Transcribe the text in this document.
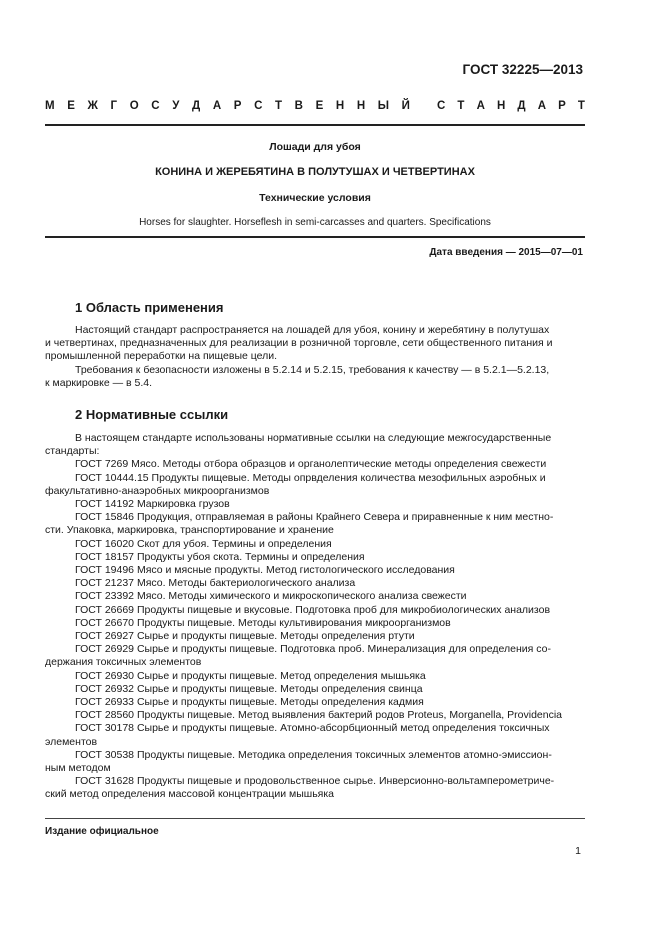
ГОСТ 32225—2013
М Е Ж Г О С У Д А Р С Т В Е Н Н Ы Й С Т А Н Д А Р Т
Лошади для убоя
КОНИНА И ЖЕРЕБЯТИНА В ПОЛУТУШАХ И ЧЕТВЕРТИНАХ
Технические условия
Horses for slaughter. Horseflesh in semi-carcasses and quarters. Specifications
Дата введения — 2015—07—01
1 Область применения
Настоящий стандарт распространяется на лошадей для убоя, конину и жеребятину в полутушах
и четвертинах, предназначенных для реализации в розничной торговле, сети общественного питания и
промышленной переработки на пищевые цели.
Требования к безопасности изложены в 5.2.14 и 5.2.15, требования к качеству — в 5.2.1—5.2.13,
к маркировке — в 5.4.
2 Нормативные ссылки
В настоящем стандарте использованы нормативные ссылки на следующие межгосударственные
стандарты:
ГОСТ 7269 Мясо. Методы отбора образцов и органолептические методы определения свежести
ГОСТ 10444.15 Продукты пищевые. Методы опрвделения количества мезофильных аэробных и
факультативно-анаэробных микроорганизмов
ГОСТ 14192 Маркировка грузов
ГОСТ 15846 Продукция, отправляемая в районы Крайнего Севера и приравненные к ним местно-
сти. Упаковка, маркировка, транспортирование и хранение
ГОСТ 16020 Скот для убоя. Термины и определения
ГОСТ 18157 Продукты убоя скота. Термины и определения
ГОСТ 19496 Мясо и мясные продукты. Метод гистологического исследования
ГОСТ 21237 Мясо. Методы бактериологического анализа
ГОСТ 23392 Мясо. Методы химического и микроскопического анализа свежести
ГОСТ 26669 Продукты пищевые и вкусовые. Подготовка проб для микробиологических анализов
ГОСТ 26670 Продукты пищевые. Методы культивирования микроорганизмов
ГОСТ 26927 Сырье и продукты пищевые. Методы определения ртути
ГОСТ 26929 Сырье и продукты пищевые. Подготовка проб. Минерализация для определения со-
держания токсичных элементов
ГОСТ 26930 Сырье и продукты пищевые. Метод определения мышьяка
ГОСТ 26932 Сырье и продукты пищевые. Методы определения свинца
ГОСТ 26933 Сырье и продукты пищевые. Методы определения кадмия
ГОСТ 28560 Продукты пищевые. Метод выявления бактерий родов Proteus, Morganella, Providencia
ГОСТ 30178 Сырье и продукты пищевые. Атомно-абсорбционный метод определения токсичных
элементов
ГОСТ 30538 Продукты пищевые. Методика определения токсичных элементов атомно-эмиссион-
ным методом
ГОСТ 31628 Продукты пищевые и продовольственное сырье. Инверсионно-вольтамперометриче-
ский метод определения массовой концентрации мышьяка
Издание официальное
1
